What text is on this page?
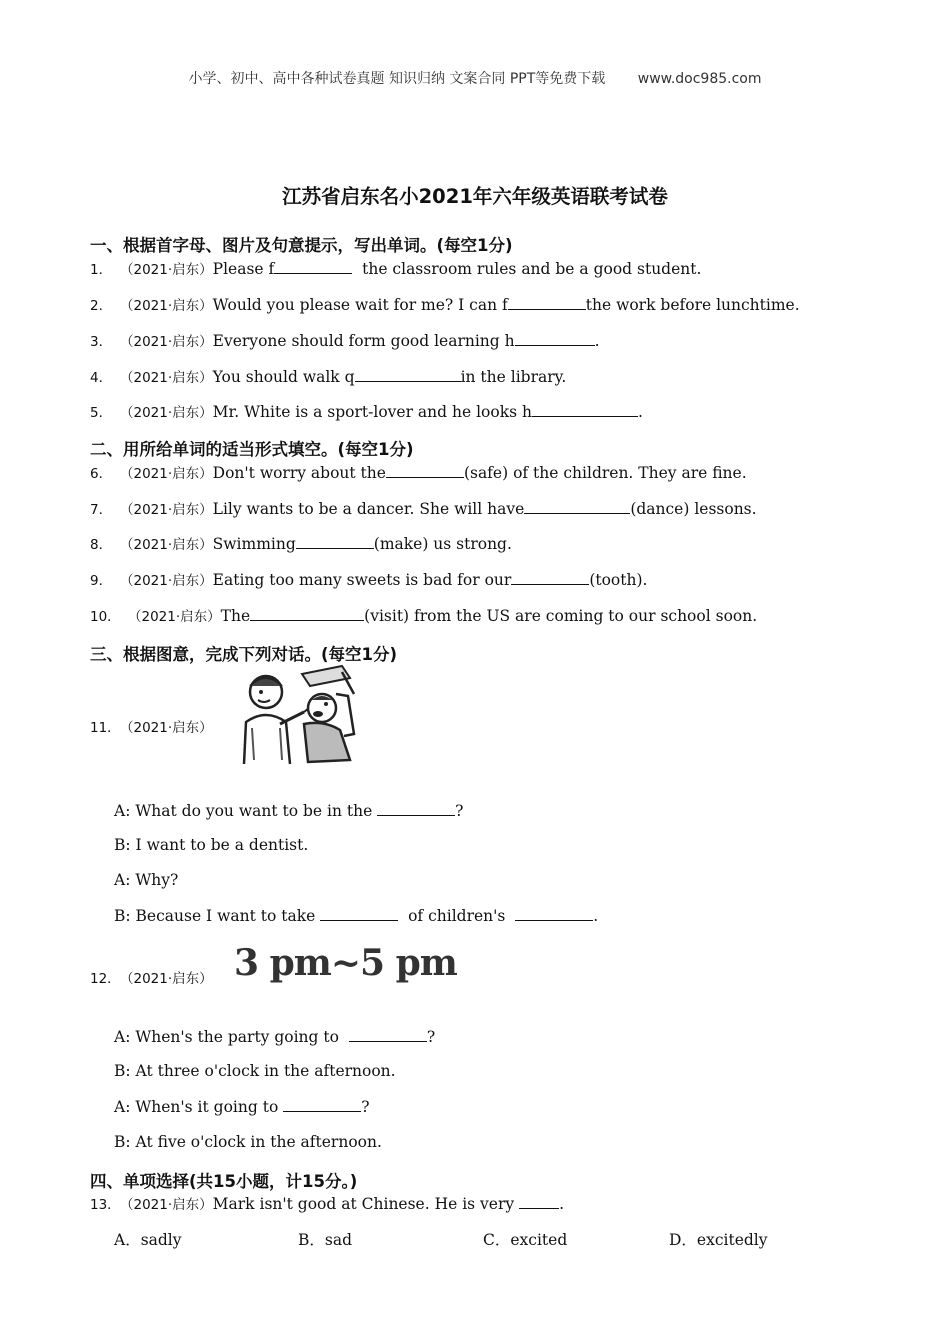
小学、初中、高中各种试卷真题 知识归纳 文案合同 PPT等免费下载 www.doc985.com
江苏省启东名小2021年六年级英语联考试卷
一、根据首字母、图片及句意提示，写出单词。(每空1分)
1． （2021·启东）Please f	the classroom rules and be a good student.
2． （2021·启东）Would you please wait for me? I can f	the work before lunchtime.
3． （2021·启东）Everyone should form good learning h	.
4． （2021·启东）You should walk q	in the library.
5． （2021·启东）Mr. White is a sport-lover and he looks h	.
二、用所给单词的适当形式填空。(每空1分)
6． （2021·启东）Don't worry about the	(safe) of the children. They are fine.
7． （2021·启东）Lily wants to be a dancer. She will have	(dance) lessons.
8． （2021·启东）Swimming	(make) us strong.
9． （2021·启东）Eating too many sweets is bad for our	(tooth).
10． （2021·启东）The	(visit) from the US are coming to our school soon.
三、根据图意，完成下列对话。(每空1分)
11．（2021·启东）
A: What do you want to be in the	?
B: I want to be a dentist.
A: Why?
B: Because I want to take	of children's	.
12．（2021·启东） 3 pm~5 pm
A: When's the party going to	?
B: At three o'clock in the afternoon.
A: When's it going to	?
B: At five o'clock in the afternoon.
四、单项选择(共15小题，计15分。)
13．（2021·启东）Mark isn't good at Chinese. He is very	.
A．sadly	B．sad	C．excited	D．excitedly
